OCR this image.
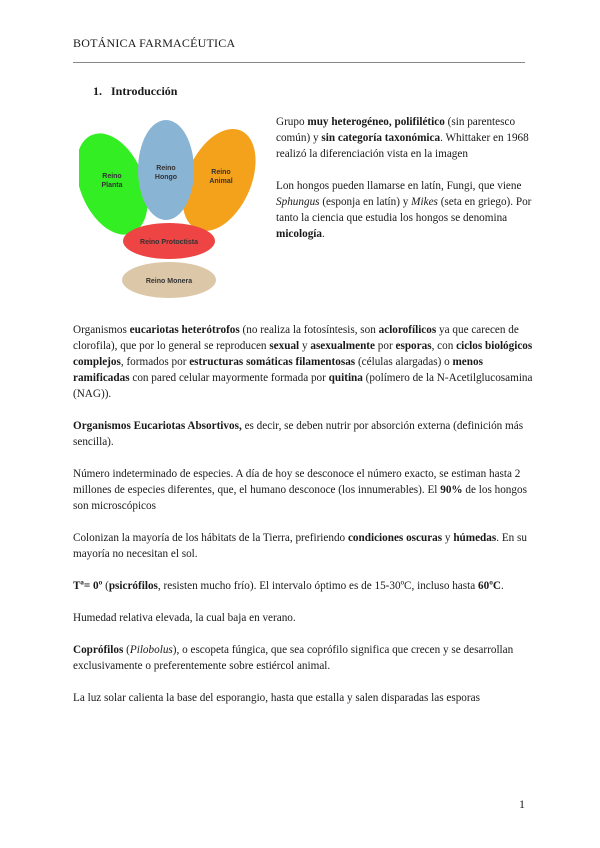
BOTÁNICA FARMACÉUTICA
1. Introducción
Reino
Planta
Reino
Hongo
Reino
Animal
Reino Protoctista
Reino Monera

Grupo muy heterogéneo, polifilético (sin parentesco común) y sin categoría taxonómica. Whittaker en 1968 realizó la diferenciación vista en la imagen

Lon hongos pueden llamarse en latín, Fungi, que viene Sphungus (esponja en latín) y Mikes (seta en griego). Por tanto la ciencia que estudia los hongos se denomina micología.

Organismos eucariotas heterótrofos (no realiza la fotosíntesis, son aclorofílicos ya que carecen de clorofila), que por lo general se reproducen sexual y asexualmente por esporas, con ciclos biológicos complejos, formados por estructuras somáticas filamentosas (células alargadas) o menos ramificadas con pared celular mayormente formada por quitina (polímero de la N-Acetilglucosamina (NAG)).

Organismos Eucariotas Absortivos, es decir, se deben nutrir por absorción externa (definición más sencilla).

Número indeterminado de especies. A día de hoy se desconoce el número exacto, se estiman hasta 2 millones de especies diferentes, que, el humano desconoce (los innumerables). El 90% de los hongos son microscópicos

Colonizan la mayoría de los hábitats de la Tierra, prefiriendo condiciones oscuras y húmedas. En su mayoría no necesitan el sol.

Tª= 0º (psicrófilos, resisten mucho frío). El intervalo óptimo es de 15-30ºC, incluso hasta 60ºC.

Humedad relativa elevada, la cual baja en verano.

Coprófilos (Pilobolus), o escopeta fúngica, que sea coprófilo significa que crecen y se desarrollan exclusivamente o preferentemente sobre estiércol animal.

La luz solar calienta la base del esporangio, hasta que estalla y salen disparadas las esporas

1
